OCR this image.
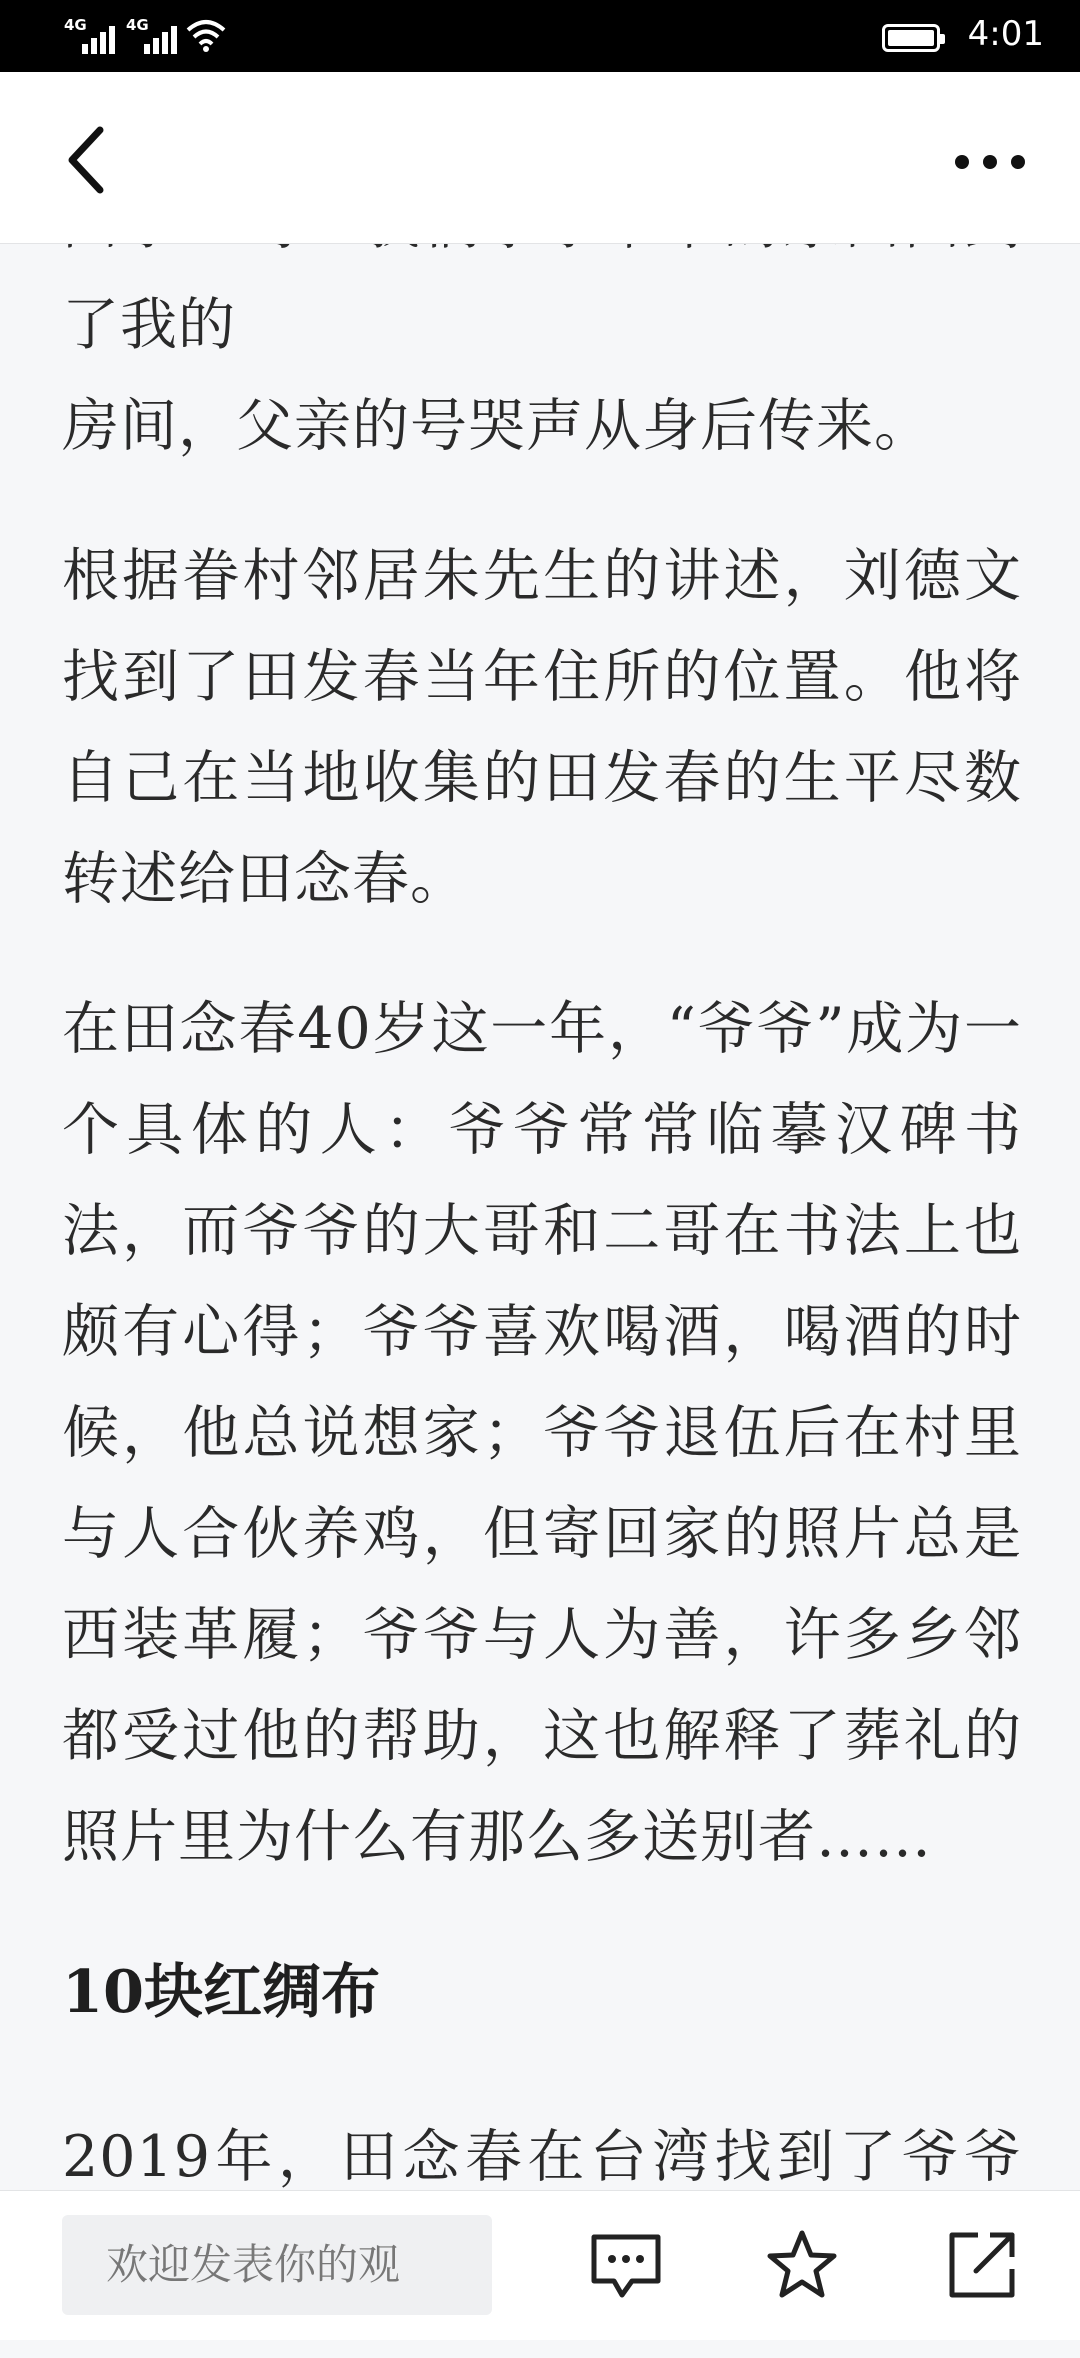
4G	4G	4:01

了我的

房间，父亲的号哭声从身后传来。

根据眷村邻居朱先生的讲述，刘德文找到了田发春当年住所的位置。他将自己在当地收集的田发春的生平尽数转述给田念春。

在田念春40岁这一年，“爷爷”成为一个具体的人：爷爷常常临摹汉碑书法，而爷爷的大哥和二哥在书法上也颇有心得；爷爷喜欢喝酒，喝酒的时候，他总说想家；爷爷退伍后在村里与人合伙养鸡，但寄回家的照片总是西装革履；爷爷与人为善，许多乡邻都受过他的帮助，这也解释了葬礼的照片里为什么有那么多送别者……

10块红绸布

2019年，田念春在台湾找到了爷爷

欢迎发表你的观
